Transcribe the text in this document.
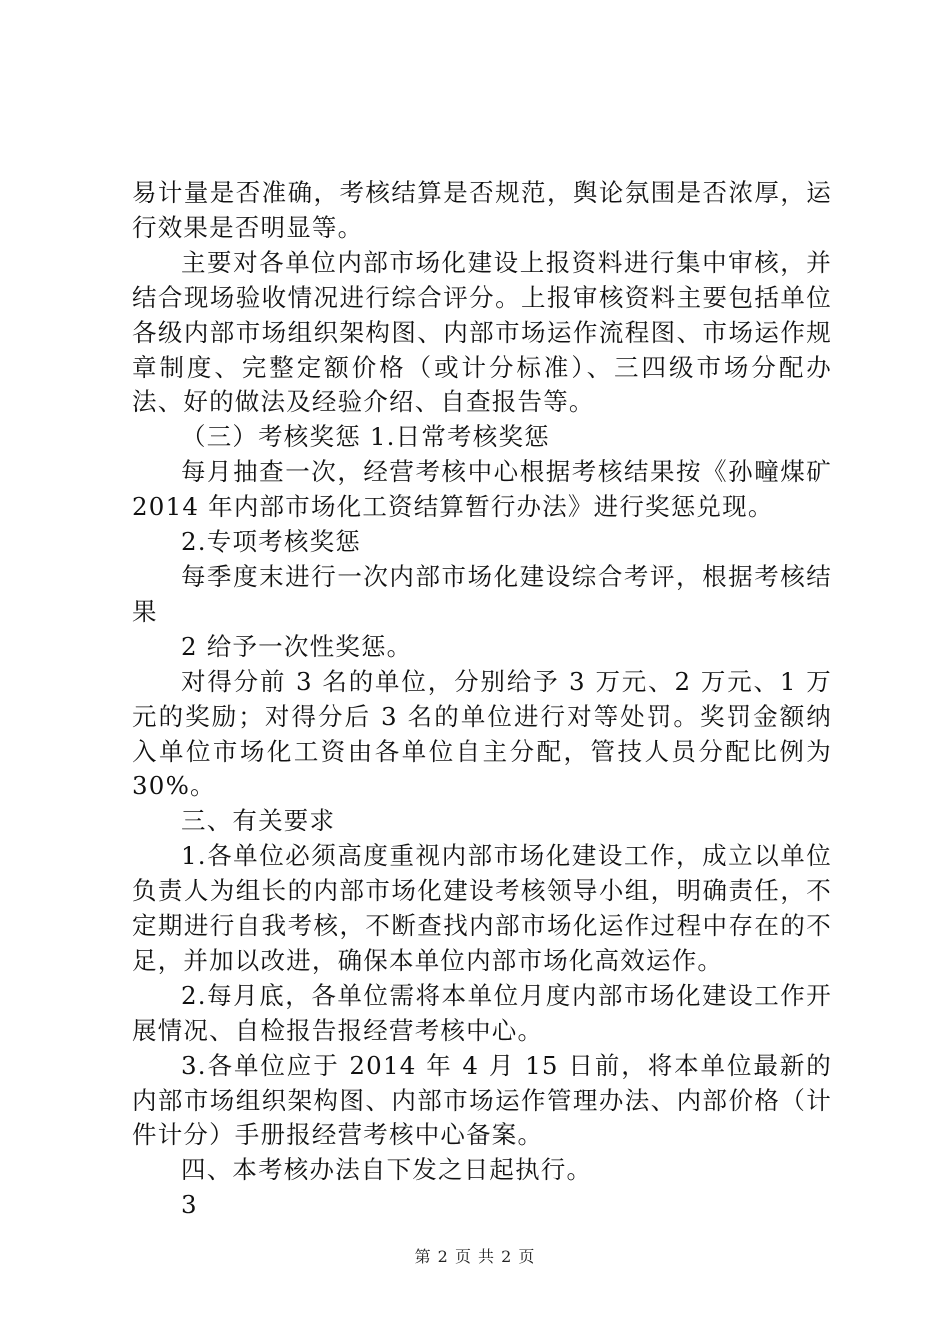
易计量是否准确，考核结算是否规范，舆论氛围是否浓厚，运行效果是否明显等。

主要对各单位内部市场化建设上报资料进行集中审核，并结合现场验收情况进行综合评分。上报审核资料主要包括单位各级内部市场组织架构图、内部市场运作流程图、市场运作规章制度、完整定额价格（或计分标准）、三四级市场分配办法、好的做法及经验介绍、自查报告等。

（三）考核奖惩 1.日常考核奖惩

每月抽查一次，经营考核中心根据考核结果按《孙疃煤矿 2014 年内部市场化工资结算暂行办法》进行奖惩兑现。

2.专项考核奖惩

每季度末进行一次内部市场化建设综合考评，根据考核结果

2 给予一次性奖惩。

对得分前 3 名的单位，分别给予 3 万元、2 万元、1 万元的奖励；对得分后 3 名的单位进行对等处罚。奖罚金额纳入单位市场化工资由各单位自主分配，管技人员分配比例为 30%。

三、有关要求

1.各单位必须高度重视内部市场化建设工作，成立以单位负责人为组长的内部市场化建设考核领导小组，明确责任，不定期进行自我考核，不断查找内部市场化运作过程中存在的不足，并加以改进，确保本单位内部市场化高效运作。

2.每月底，各单位需将本单位月度内部市场化建设工作开展情况、自检报告报经营考核中心。

3.各单位应于 2014 年 4 月 15 日前，将本单位最新的内部市场组织架构图、内部市场运作管理办法、内部价格（计件计分）手册报经营考核中心备案。

四、本考核办法自下发之日起执行。

3

第 2 页 共 2 页
